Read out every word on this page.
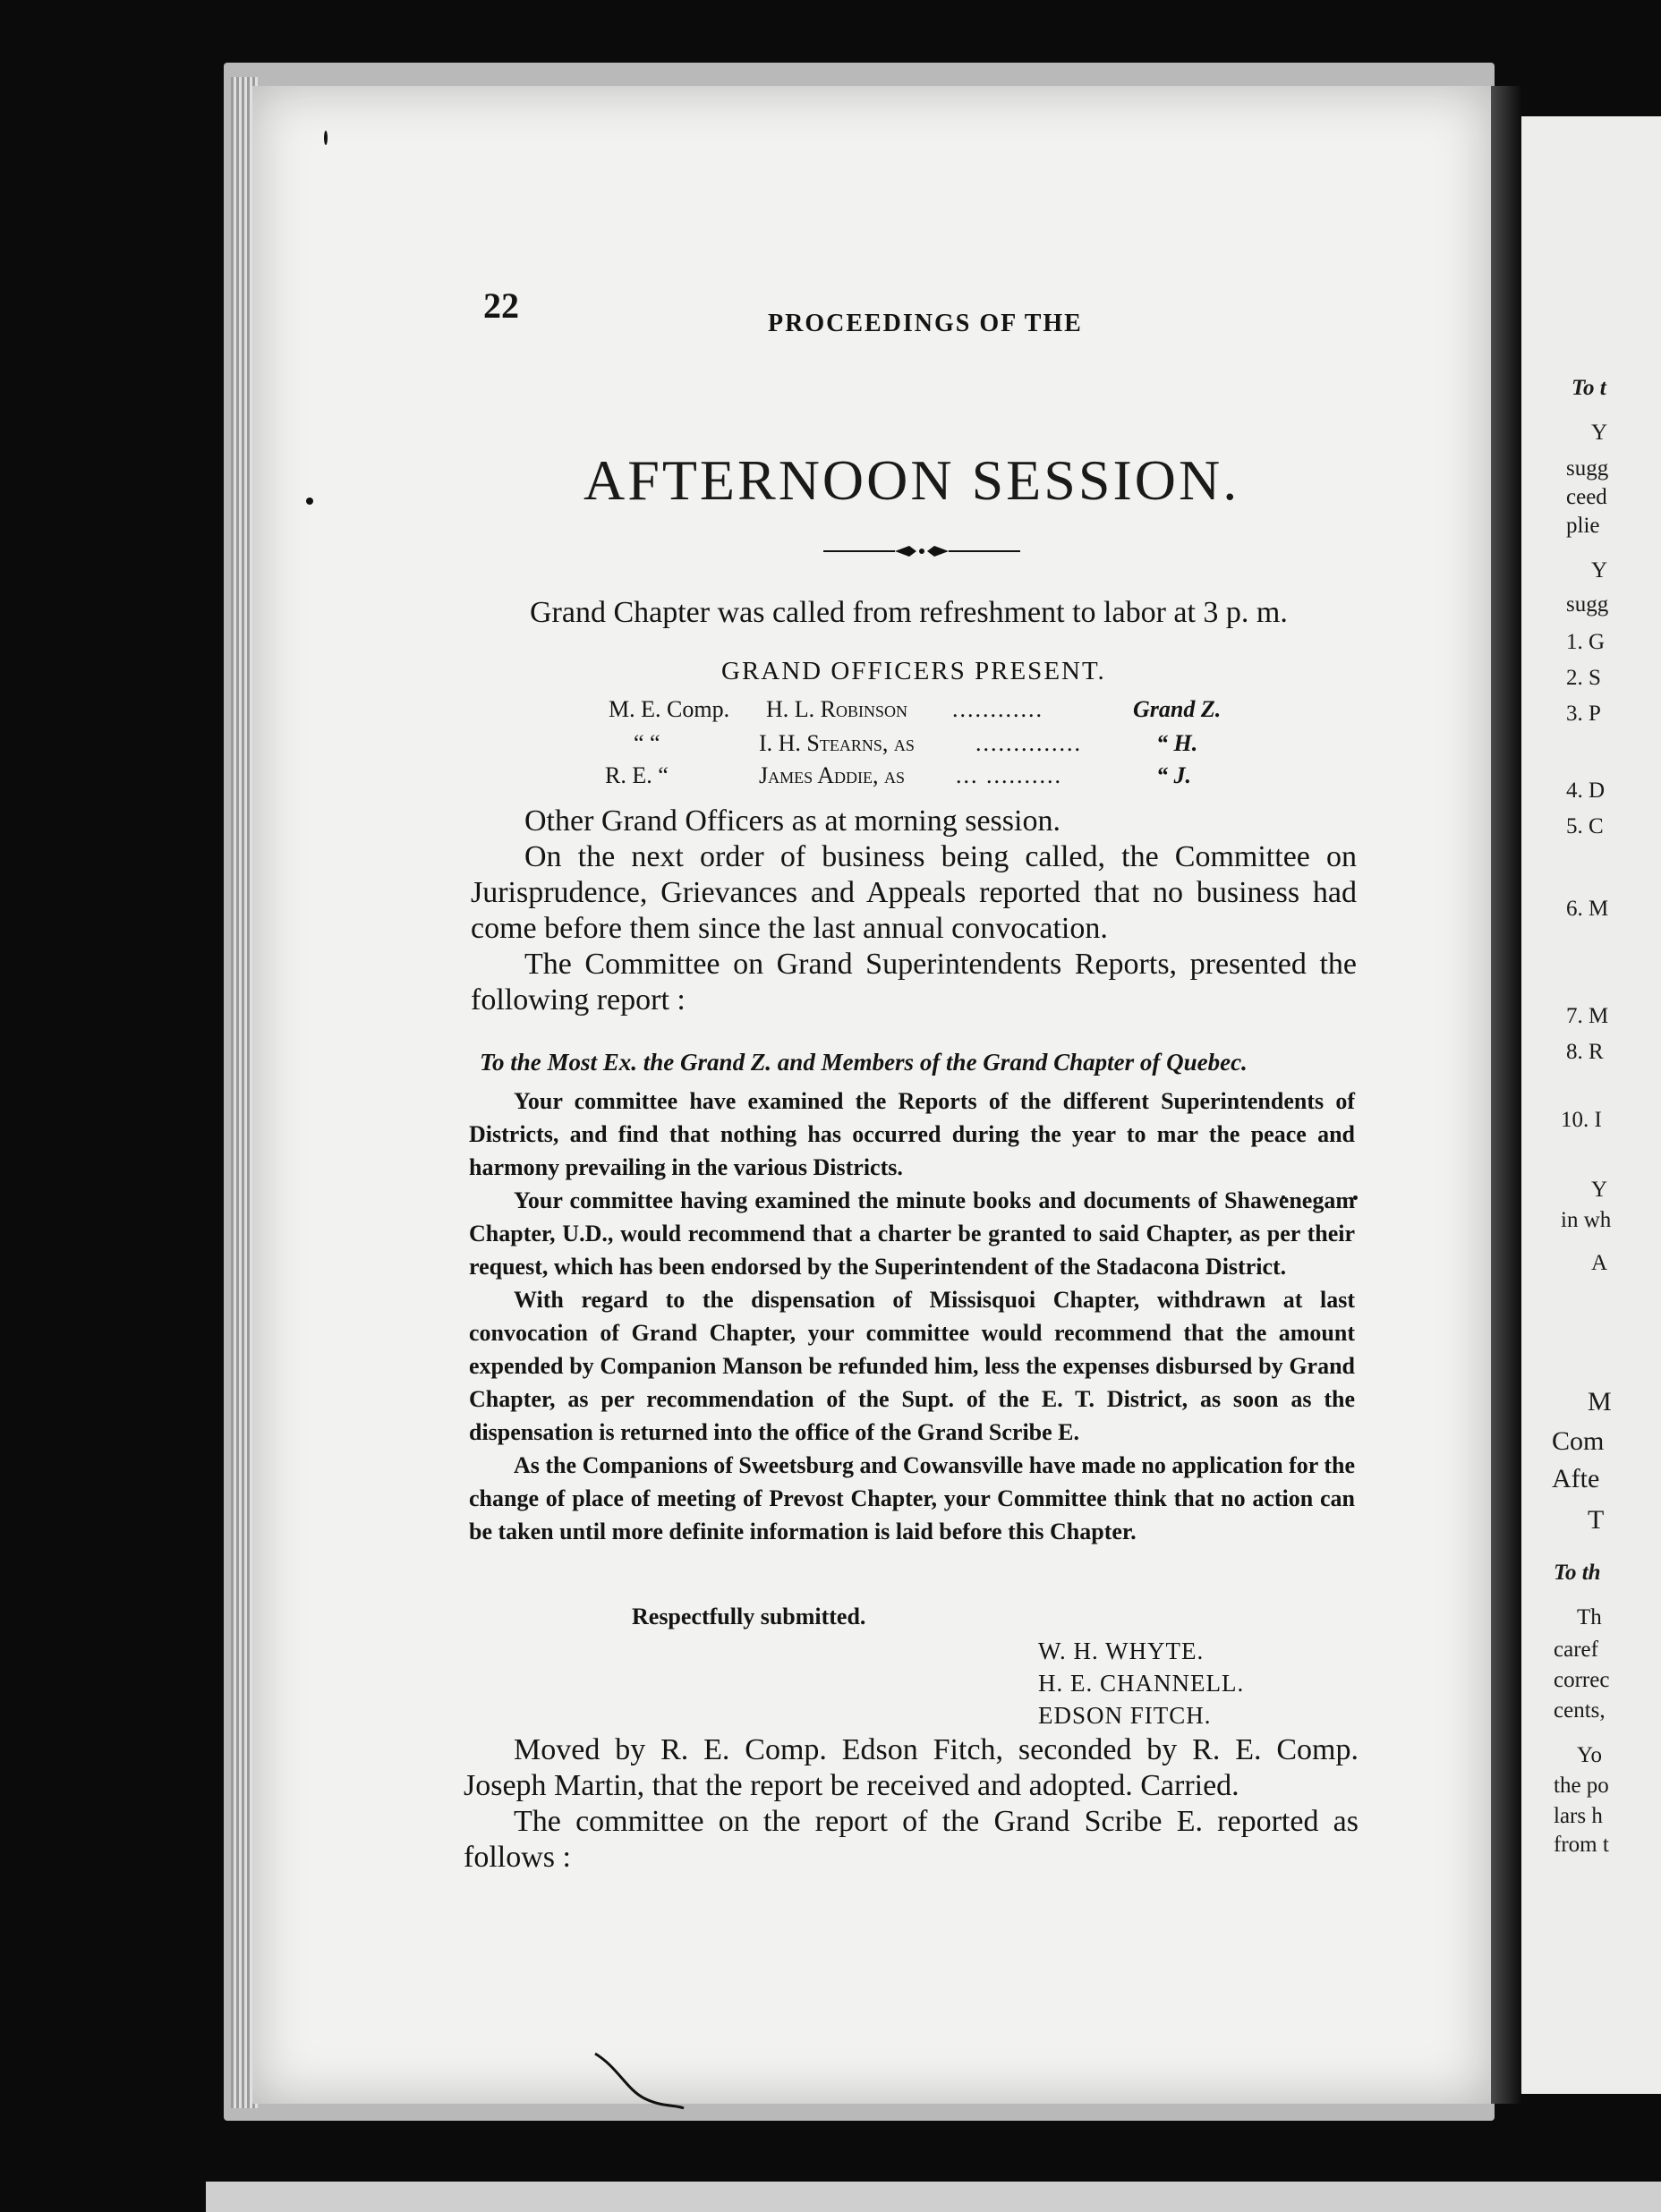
To t
Y
sugg
ceed
plie
Y
sugg
1. G
2. S
3. P
4. D
5. C
6. M
7. M
8. R
10. I
Y
in wh
A
M
Com
Afte
T
To th
Th
caref
correc
cents,
Yo
the po
lars h
from t
22	PROCEEDINGS OF THE
AFTERNOON SESSION.
Grand Chapter was called from refreshment to labor at 3 p. m.
GRAND OFFICERS PRESENT.
M. E. Comp. H. L. Robinson ............	Grand Z.
“ “	I. H. Stearns, as	..............	“ H.
R. E. “	James Addie, as ... ..........	“ J.

Other Grand Officers as at morning session.

On the next order of business being called, the Committee on Jurisprudence, Grievances and Appeals reported that no business had come before them since the last annual convocation.

The Committee on Grand Superintendents Reports, presented the following report :

To the Most Ex. the Grand Z. and Members of the Grand Chapter of Quebec.

Your committee have examined the Reports of the different Superintendents of Districts, and find that nothing has occurred during the year to mar the peace and harmony prevailing in the various Districts.

Your committee having examined the minute books and documents of Shawenegam Chapter, U.D., would recommend that a charter be granted to said Chapter, as per their request, which has been endorsed by the Superintendent of the Stadacona District.

With regard to the dispensation of Missisquoi Chapter, withdrawn at last convocation of Grand Chapter, your committee would recommend that the amount expended by Companion Manson be refunded him, less the expenses disbursed by Grand Chapter, as per recommendation of the Supt. of the E. T. District, as soon as the dispensation is returned into the office of the Grand Scribe E.

As the Companions of Sweetsburg and Cowansville have made no application for the change of place of meeting of Prevost Chapter, your Committee think that no action can be taken until more definite information is laid before this Chapter.

Respectfully submitted.
W. H. WHYTE.
H. E. CHANNELL.
EDSON FITCH.

Moved by R. E. Comp. Edson Fitch, seconded by R. E. Comp. Joseph Martin, that the report be received and adopted. Carried.

The committee on the report of the Grand Scribe E. reported as follows :
